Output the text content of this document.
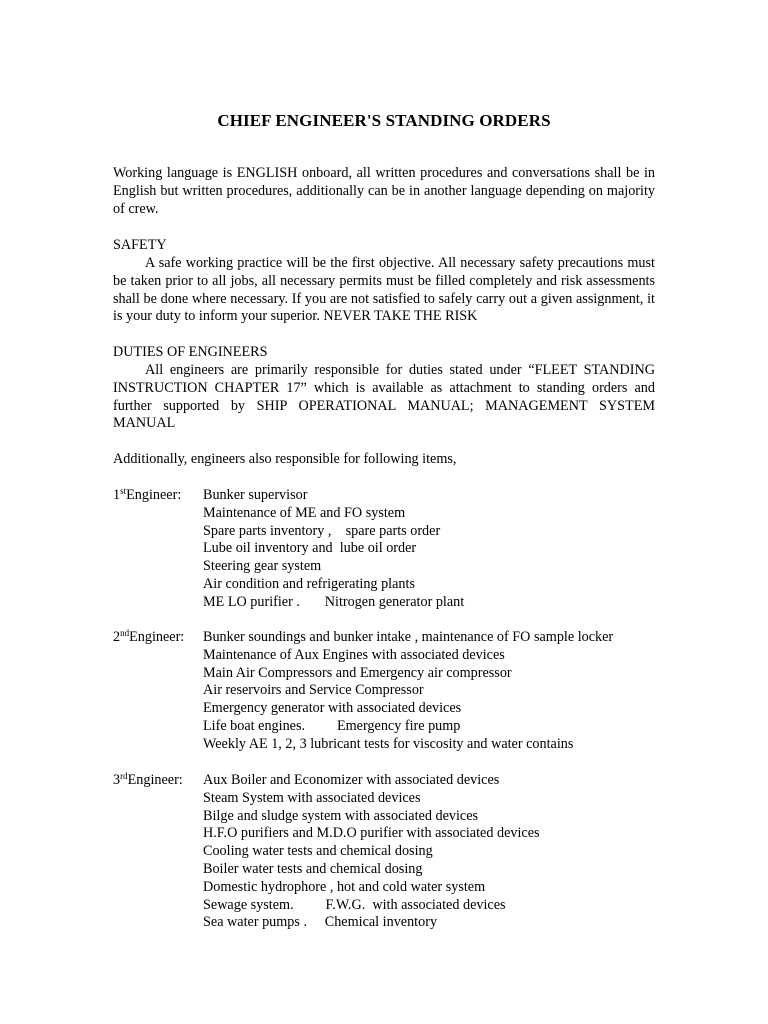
CHIEF ENGINEER'S STANDING ORDERS

Working language is ENGLISH onboard, all written procedures and conversations shall be in English but written procedures, additionally can be in another language depending on majority of crew.

SAFETY

A safe working practice will be the first objective. All necessary safety precautions must be taken prior to all jobs, all necessary permits must be filled completely and risk assessments shall be done where necessary. If you are not satisfied to safely carry out a given assignment, it is your duty to inform your superior. NEVER TAKE THE RISK

DUTIES OF ENGINEERS

All engineers are primarily responsible for duties stated under “FLEET STANDING INSTRUCTION CHAPTER 17” which is available as attachment to standing orders and further supported by SHIP OPERATIONAL MANUAL; MANAGEMENT SYSTEM MANUAL

Additionally, engineers also responsible for following items,
1stEngineer: Bunker supervisor
Maintenance of ME and FO system
Spare parts inventory ,    spare parts order
Lube oil inventory and  lube oil order
Steering gear system
Air condition and refrigerating plants
ME LO purifier .       Nitrogen generator plant
2ndEngineer: Bunker soundings and bunker intake , maintenance of FO sample locker
Maintenance of Aux Engines with associated devices
Main Air Compressors and Emergency air compressor
Air reservoirs and Service Compressor
Emergency generator with associated devices
Life boat engines.         Emergency fire pump
Weekly AE 1, 2, 3 lubricant tests for viscosity and water contains
3rdEngineer: Aux Boiler and Economizer with associated devices
Steam System with associated devices
Bilge and sludge system with associated devices
H.F.O purifiers and M.D.O purifier with associated devices
Cooling water tests and chemical dosing
Boiler water tests and chemical dosing
Domestic hydrophore , hot and cold water system
Sewage system.         F.W.G.  with associated devices
Sea water pumps .     Chemical inventory
